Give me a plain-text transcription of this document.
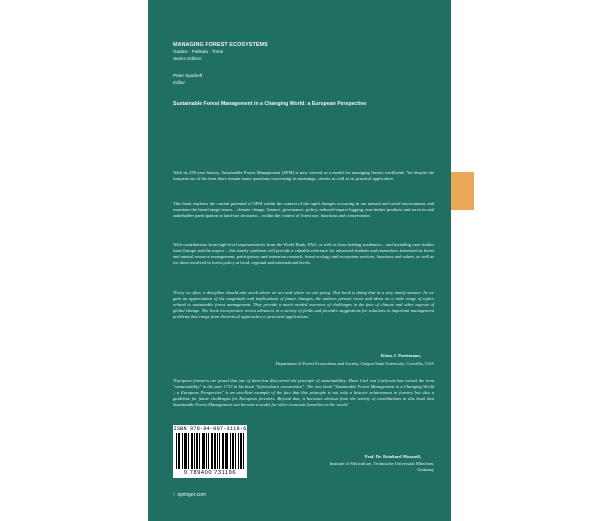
MANAGING FOREST ECOSYSTEMS
Gadow · Pukkala · Tomé
Series Editors
Peter Spathelf
Editor
Sustainable Forest Management in a Changing World: a European Perspective

With its 250-year history, Sustainable Forest Management (SFM) is now viewed as a model for managing forests worldwide. Yet despite the frequent use of the term there remain many questions concerning its meanings, criteria as well as its practical application.

This book explores the current potential of SFM within the context of the rapid changes occurring in our natural and social environment, and examines the broad range issues – climate change, finance, governance, policy, reduced-impact logging, non-timber products and services and stakeholder participation in land-use decisions – within the context of forest use, functions and conservation.

With contributions from high-level representatives from the World Bank, FAO, as well as from leading academics – and including case studies from Europe and the tropics – this timely synthesis will provide a valuable reference for advanced students and researchers interested in forest and natural resource management, participatory and extension research, forest ecology and ecosystem services, functions and values, as well as for those involved in forest policy at local, regional and international levels.

'Every so often, a discipline should take stock where we are and where we are going. This book is doing that in a very timely manner. As we gain an appreciation of the magnitude and implications of future changes, the authors present views and ideas on a wide range of topics related to sustainable forest management. They provide a much needed overview of challenges in the face of climate and other aspects of global change. The book incorporates recent advances in a variety of fields and provides suggestions for solutions to important management problems that range from theoretical approaches to practical applications.'

Klaus J. Puettmann,
Department of Forest Ecosystems and Society, Oregon State University, Corvallis, USA

'European foresters are proud that one of them has discovered the principle of sustainability: Hans Carl von Carlowitz has coined the term "sustainability" in the year 1713 in his book "Sylvicultura oeconomica". The new book "Sustainable Forest Management in a Changing World – a European Perspective" is an excellent example of the fact that this principle is not only a historic achievement in forestry but also a guideline for future challenges for European foresters. Beyond that, it becomes obvious from the variety of contributions in this book that Sustainable Forest Management can become a model for other economic branches in the world.'

Prof. Dr. Reinhard Mosandl,
Institute of Silviculture, Technische Universität München,
Germany
ISBN 978-94-007-3119-6
9 789400 731196
› springer.com
